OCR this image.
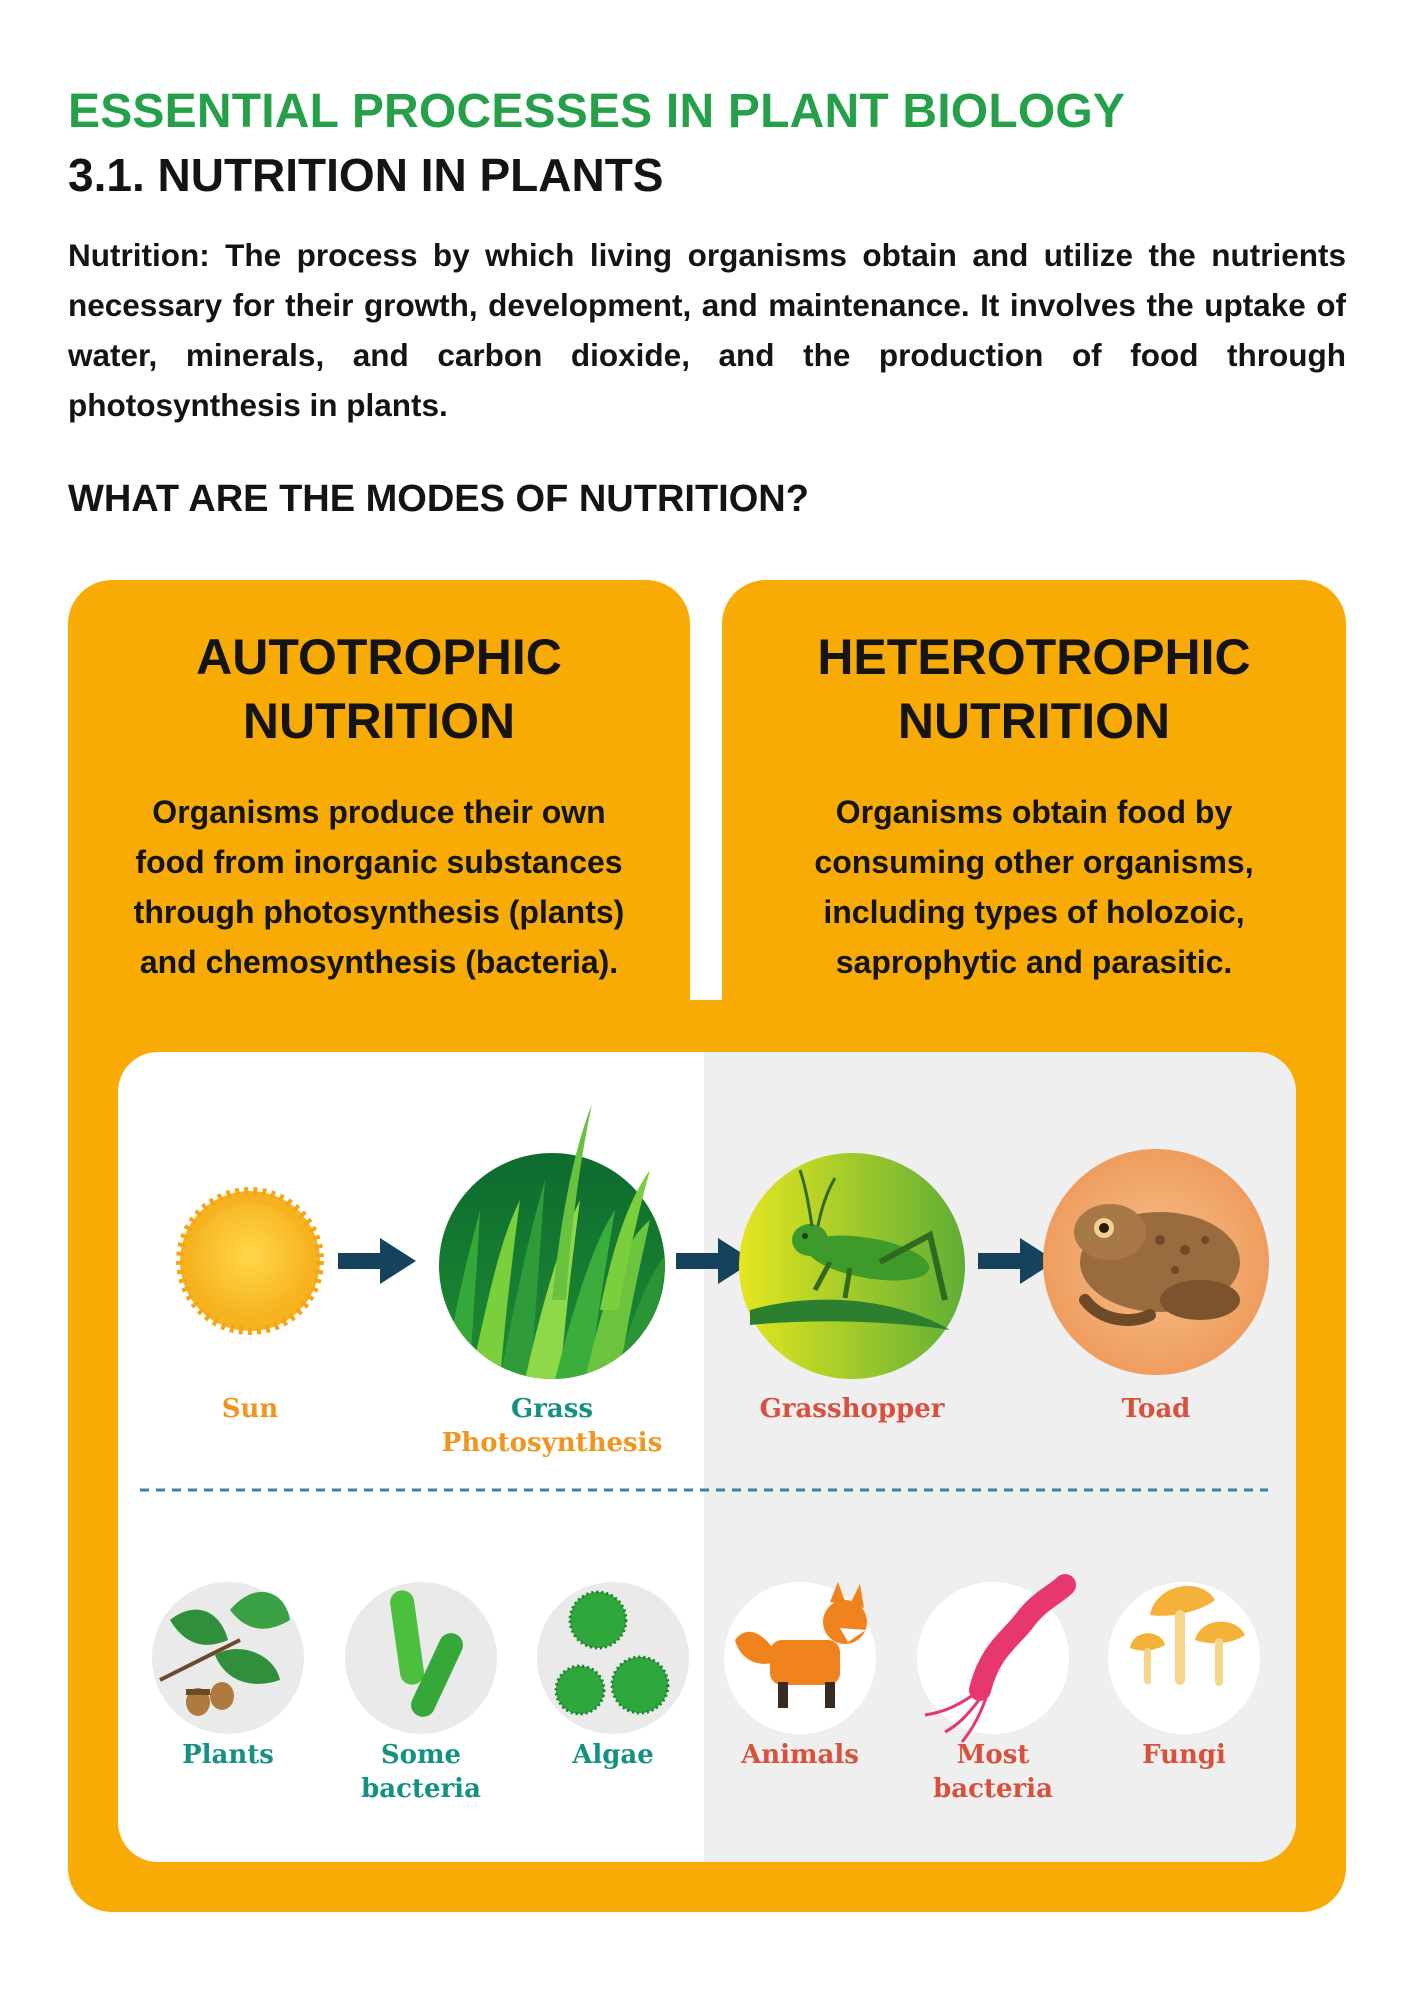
ESSENTIAL PROCESSES IN PLANT BIOLOGY
3.1. NUTRITION IN PLANTS
Nutrition: The process by which living organisms obtain and utilize the nutrients necessary for their growth, development, and maintenance. It involves the uptake of water, minerals, and carbon dioxide, and the production of food through photosynthesis in plants.
WHAT ARE THE MODES OF NUTRITION?
AUTOTROPHIC
NUTRITION
Organisms produce their own
food from inorganic substances
through photosynthesis (plants)
and chemosynthesis (bacteria).
HETEROTROPHIC
NUTRITION
Organisms obtain food by
consuming other organisms,
including types of holozoic,
saprophytic and parasitic.
Sun	Grass
Photosynthesis
Grasshopper	Toad
Plants	Some
bacteria
Algae	Animals	Most
bacteria
Fungi
